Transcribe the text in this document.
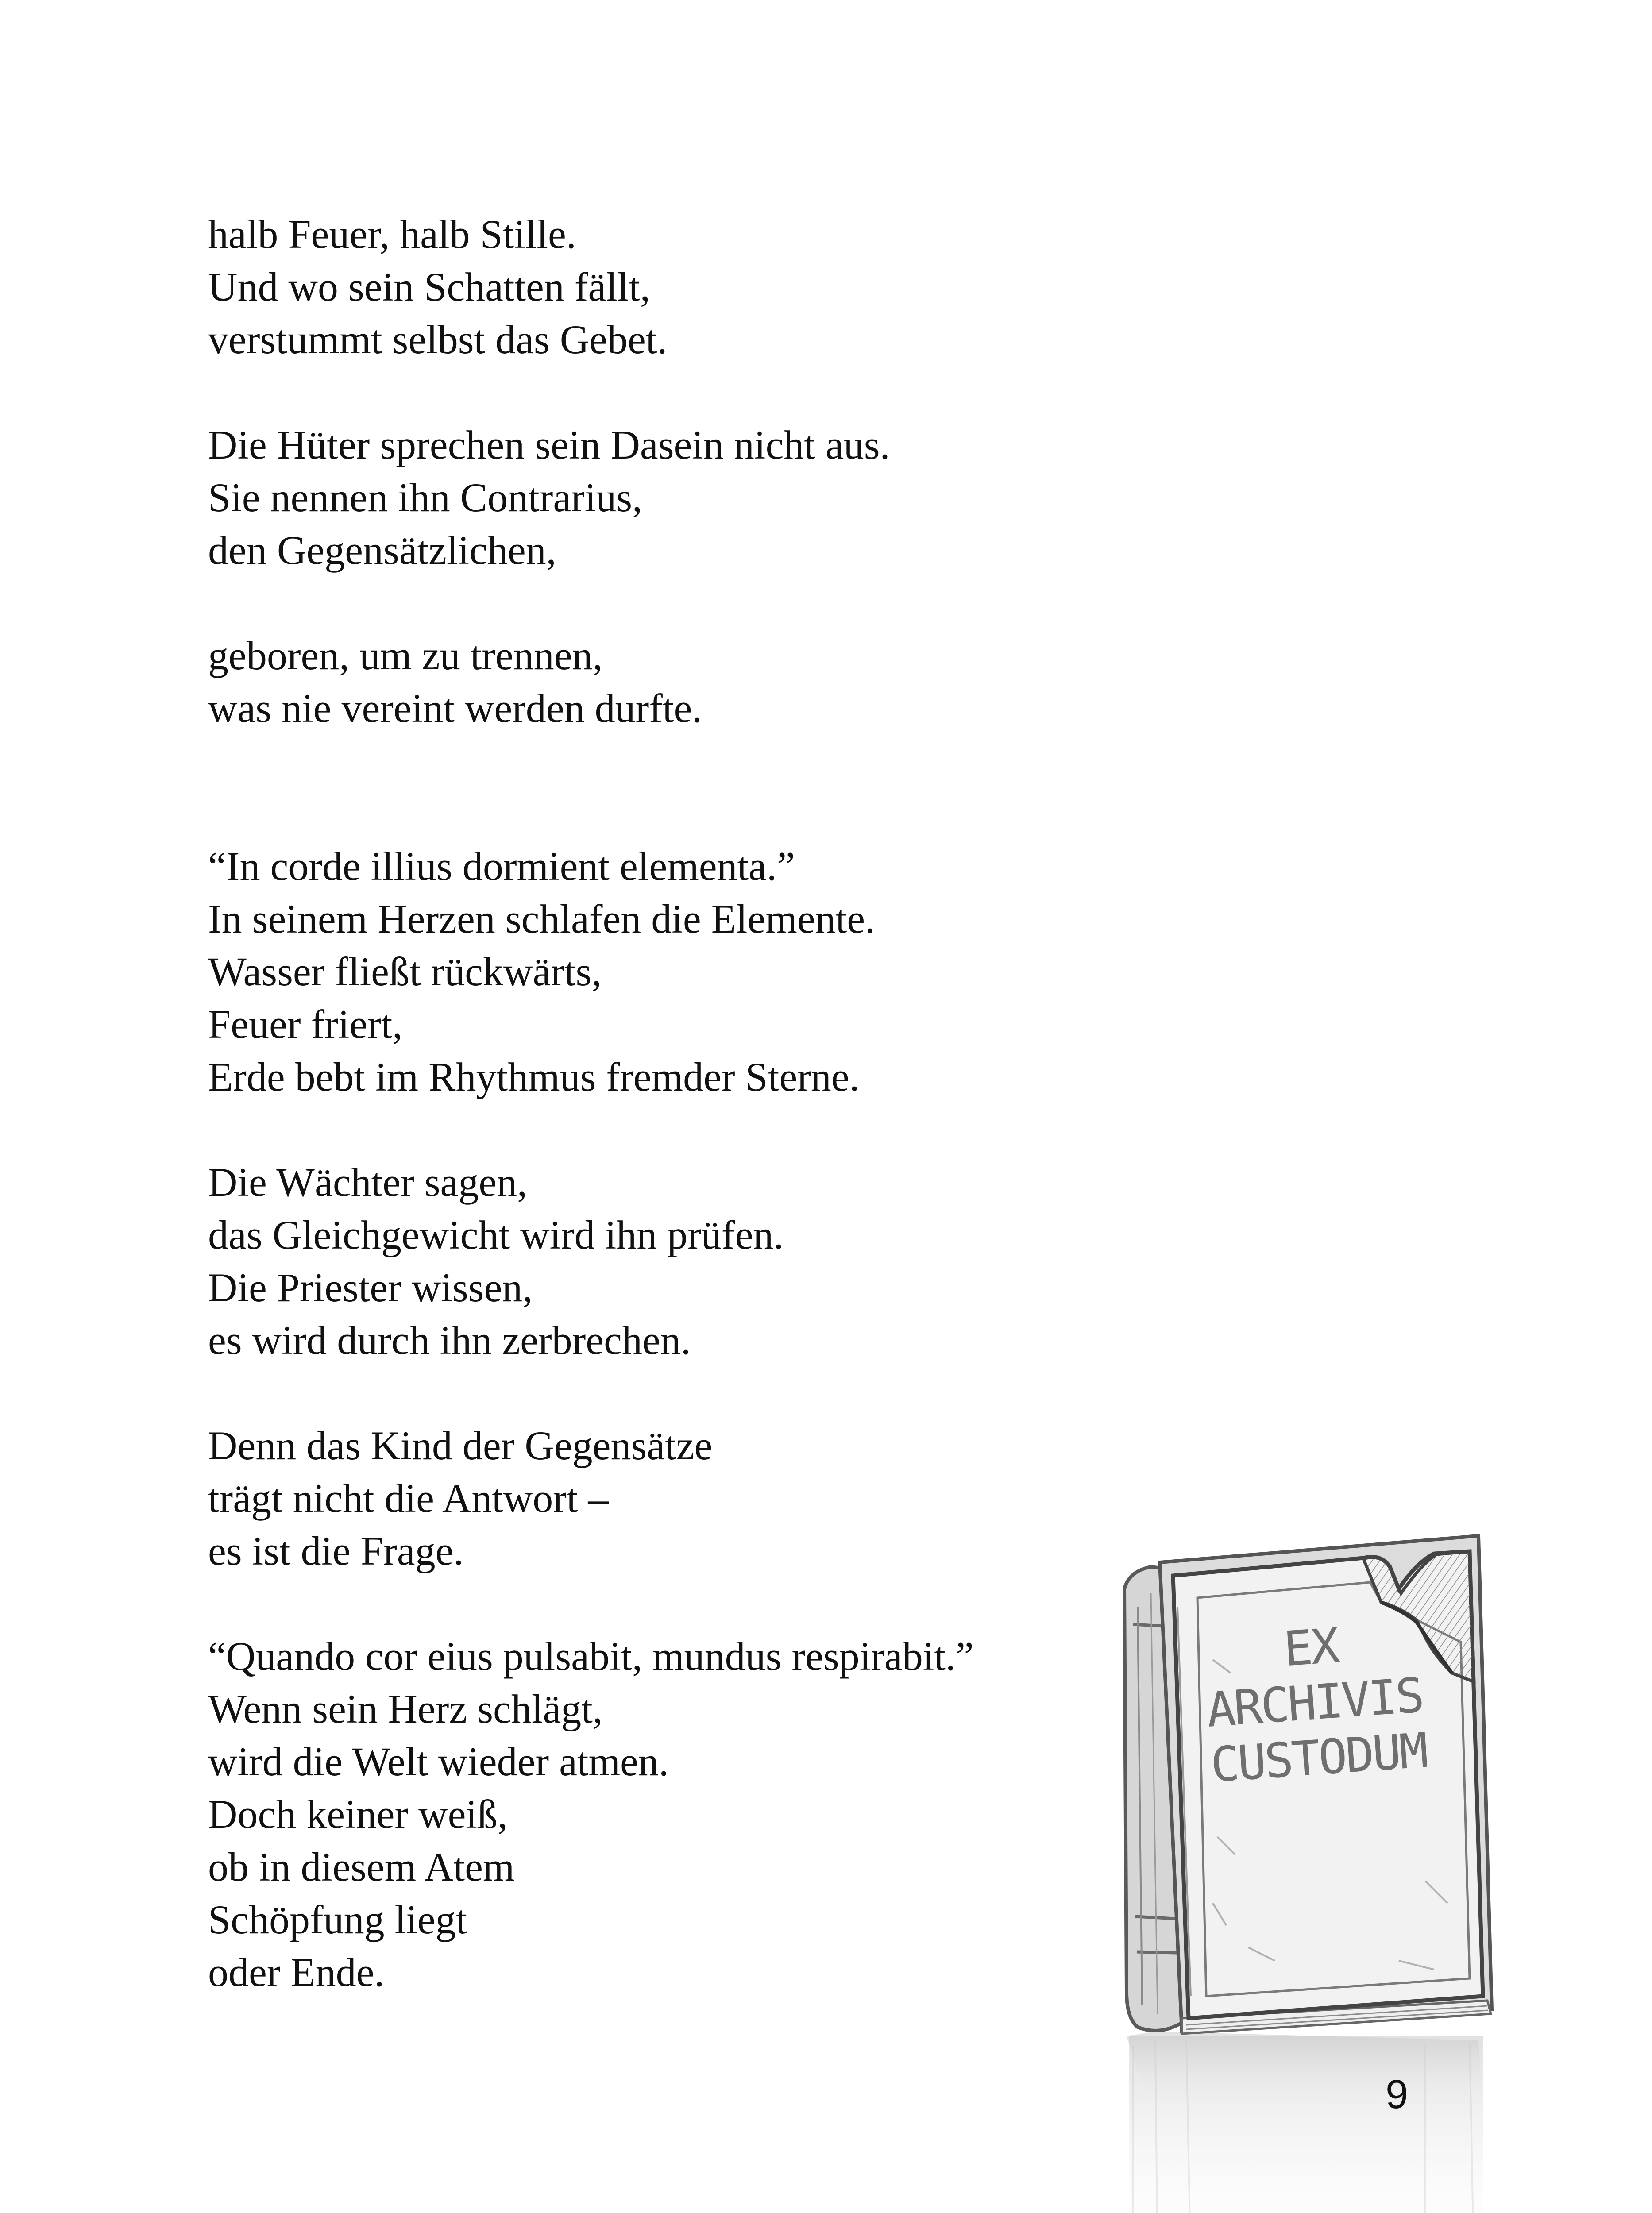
halb Feuer, halb Stille.
Und wo sein Schatten fällt,
verstummt selbst das Gebet.

Die Hüter sprechen sein Dasein nicht aus.
Sie nennen ihn Contrarius,
den Gegensätzlichen,

geboren, um zu trennen,
was nie vereint werden durfte.

“In corde illius dormient elementa.”
In seinem Herzen schlafen die Elemente.
Wasser fließt rückwärts,
Feuer friert,
Erde bebt im Rhythmus fremder Sterne.

Die Wächter sagen,
das Gleichgewicht wird ihn prüfen.
Die Priester wissen,
es wird durch ihn zerbrechen.

Denn das Kind der Gegensätze
trägt nicht die Antwort –
es ist die Frage.

“Quando cor eius pulsabit, mundus respirabit.”
Wenn sein Herz schlägt,
wird die Welt wieder atmen.
Doch keiner weiß,
ob in diesem Atem
Schöpfung liegt
oder Ende.

EX
ARCHIVIS
CUSTODUM
9
